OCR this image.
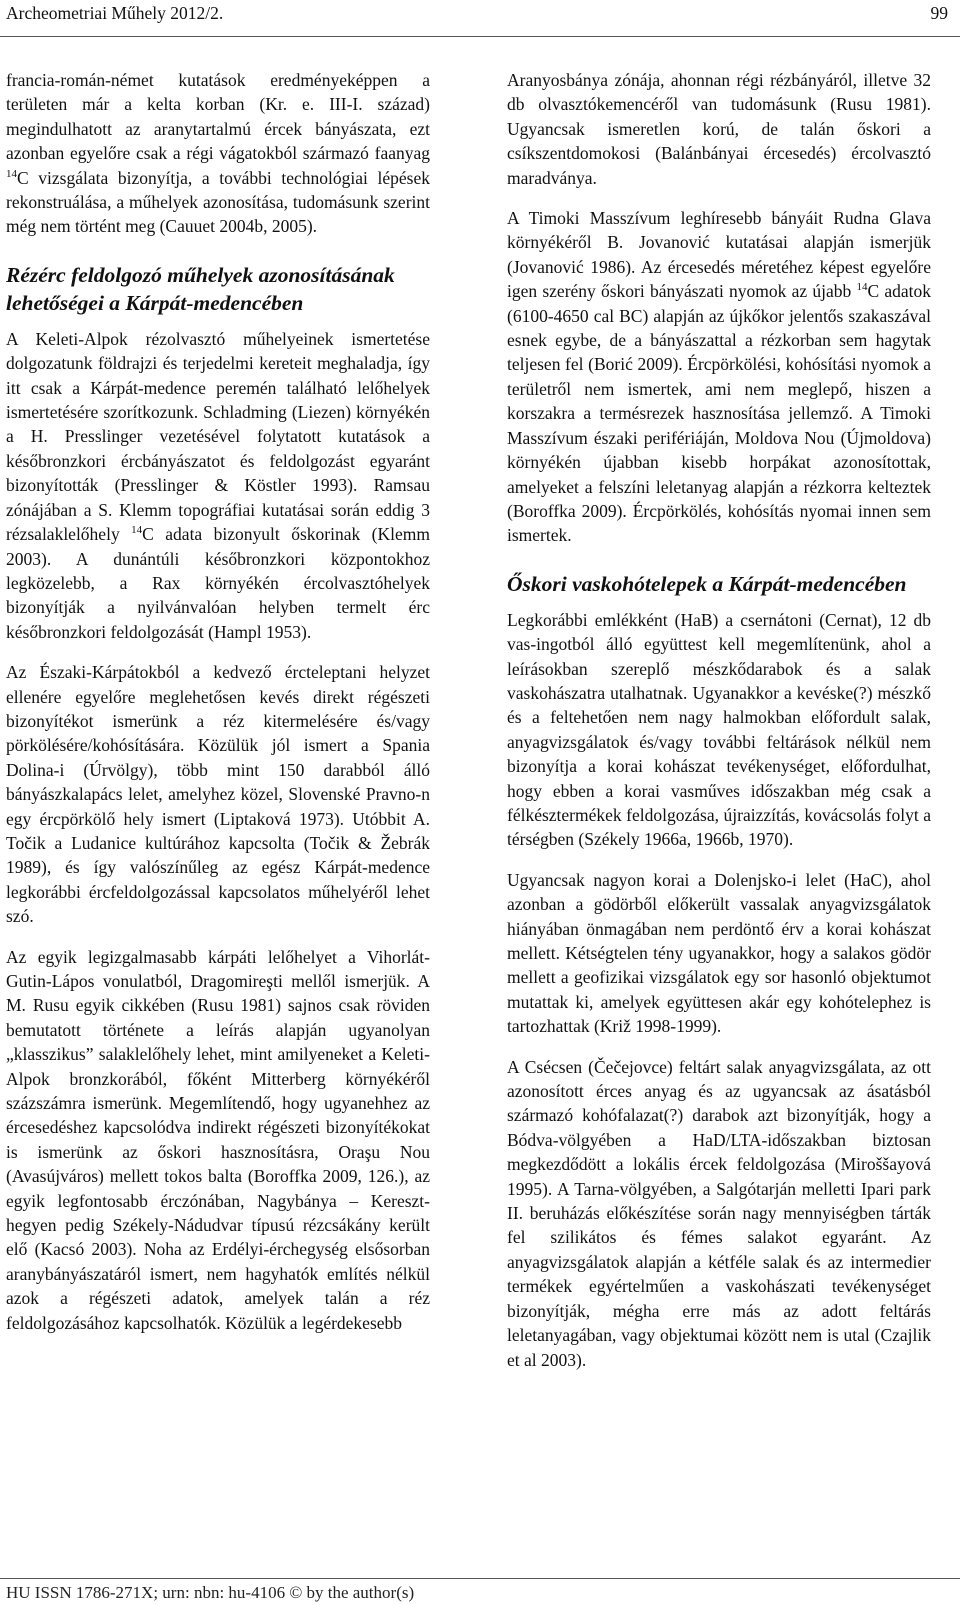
Archeometriai Műhely 2012/2.	99

francia-román-német kutatások eredményeképpen a területen már a kelta korban (Kr. e. III-I. század) megindulhatott az aranytartalmú ércek bányászata, ezt azonban egyelőre csak a régi vágatokból származó faanyag $^{14}$C vizsgálata bizonyítja, a további technológiai lépések rekonstruálása, a műhelyek azonosítása, tudomásunk szerint még nem történt meg (Cauuet 2004b, 2005).

Rézérc feldolgozó műhelyek azonosításának lehetőségei a Kárpát-medencében

A Keleti-Alpok rézolvasztó műhelyeinek ismertetése dolgozatunk földrajzi és terjedelmi kereteit meghaladja, így itt csak a Kárpát-medence peremén található lelőhelyek ismertetésére szorítkozunk. Schladming (Liezen) környékén a H. Presslinger vezetésével folytatott kutatások a későbronzkori ércbányászatot és feldolgozást egyaránt bizonyították (Presslinger & Köstler 1993). Ramsau zónájában a S. Klemm topográfiai kutatásai során eddig 3 rézsalaklelőhely $^{14}$C adata bizonyult őskorinak (Klemm 2003). A dunántúli későbronzkori központokhoz legközelebb, a Rax környékén ércolvasztóhelyek bizonyítják a nyilvánvalóan helyben termelt érc későbronzkori feldolgozását (Hampl 1953).

Az Északi-Kárpátokból a kedvező ércteleptani helyzet ellenére egyelőre meglehetősen kevés direkt régészeti bizonyítékot ismerünk a réz kitermelésére és/vagy pörkölésére/kohósítására. Közülük jól ismert a Spania Dolina-i (Úrvölgy), több mint 150 darabból álló bányászkalapács lelet, amelyhez közel, Slovenské Pravno-n egy ércpörkölő hely ismert (Liptaková 1973). Utóbbit A. Točik a Ludanice kultúrához kapcsolta (Točik & Žebrák 1989), és így valószínűleg az egész Kárpát-medence legkorábbi ércfeldolgozással kapcsolatos műhelyéről lehet szó.

Az egyik legizgalmasabb kárpáti lelőhelyet a Vihorlát-Gutin-Lápos vonulatból, Dragomireşti mellől ismerjük. A M. Rusu egyik cikkében (Rusu 1981) sajnos csak röviden bemutatott története a leírás alapján ugyanolyan „klasszikus” salaklelőhely lehet, mint amilyeneket a Keleti-Alpok bronzkorából, főként Mitterberg környékéről százszámra ismerünk. Megemlítendő, hogy ugyanehhez az ércesedéshez kapcsolódva indirekt régészeti bizonyítékokat is ismerünk az őskori hasznosításra, Oraşu Nou (Avasújváros) mellett tokos balta (Boroffka 2009, 126.), az egyik legfontosabb érczónában, Nagybánya – Kereszt-hegyen pedig Székely-Nádudvar típusú rézcsákány került elő (Kacsó 2003). Noha az Erdélyi-érchegység elsősorban aranybányászatáról ismert, nem hagyhatók említés nélkül azok a régészeti adatok, amelyek talán a réz feldolgozásához kapcsolhatók. Közülük a legérdekesebb

Aranyosbánya zónája, ahonnan régi rézbányáról, illetve 32 db olvasztókemencéről van tudomásunk (Rusu 1981). Ugyancsak ismeretlen korú, de talán őskori a csíkszentdomokosi (Balánbányai ércesedés) ércolvasztó maradványa.

A Timoki Masszívum leghíresebb bányáit Rudna Glava környékéről B. Jovanović kutatásai alapján ismerjük (Jovanović 1986). Az ércesedés méretéhez képest egyelőre igen szerény őskori bányászati nyomok az újabb $^{14}$C adatok (6100-4650 cal BC) alapján az újkőkor jelentős szakaszával esnek egybe, de a bányászattal a rézkorban sem hagytak teljesen fel (Borić 2009). Ércpörkölési, kohósítási nyomok a területről nem ismertek, ami nem meglepő, hiszen a korszakra a termésrezek hasznosítása jellemző. A Timoki Masszívum északi perifériáján, Moldova Nou (Újmoldova) környékén újabban kisebb horpákat azonosítottak, amelyeket a felszíni leletanyag alapján a rézkorra kelteztek (Boroffka 2009). Ércpörkölés, kohósítás nyomai innen sem ismertek.

Őskori vaskohótelepek a Kárpát-medencében

Legkorábbi emlékként (HaB) a csernátoni (Cernat), 12 db vas-ingotból álló együttest kell megemlítenünk, ahol a leírásokban szereplő mészkődarabok és a salak vaskohászatra utalhatnak. Ugyanakkor a kevéske(?) mészkő és a feltehetően nem nagy halmokban előfordult salak, anyagvizsgálatok és/vagy további feltárások nélkül nem bizonyítja a korai kohászat tevékenységet, előfordulhat, hogy ebben a korai vasműves időszakban még csak a félkésztermékek feldolgozása, újraizzítás, kovácsolás folyt a térségben (Székely 1966a, 1966b, 1970).

Ugyancsak nagyon korai a Dolenjsko-i lelet (HaC), ahol azonban a gödörből előkerült vassalak anyagvizsgálatok hiányában önmagában nem perdöntő érv a korai kohászat mellett. Kétségtelen tény ugyanakkor, hogy a salakos gödör mellett a geofizikai vizsgálatok egy sor hasonló objektumot mutattak ki, amelyek együttesen akár egy kohótelephez is tartozhattak (Križ 1998-1999).

A Csécsen (Čečejovce) feltárt salak anyagvizsgálata, az ott azonosított érces anyag és az ugyancsak az ásatásból származó kohófalazat(?) darabok azt bizonyítják, hogy a Bódva-völgyében a HaD/LTA-időszakban biztosan megkezdődött a lokális ércek feldolgozása (Miroššayová 1995). A Tarna-völgyében, a Salgótarján melletti Ipari park II. beruházás előkészítése során nagy mennyiségben tárták fel szilikátos és fémes salakot egyaránt. Az anyagvizsgálatok alapján a kétféle salak és az intermedier termékek egyértelműen a vaskohászati tevékenységet bizonyítják, mégha erre más az adott feltárás leletanyagában, vagy objektumai között nem is utal (Czajlik et al 2003).

HU ISSN 1786-271X; urn: nbn: hu-4106 © by the author(s)
